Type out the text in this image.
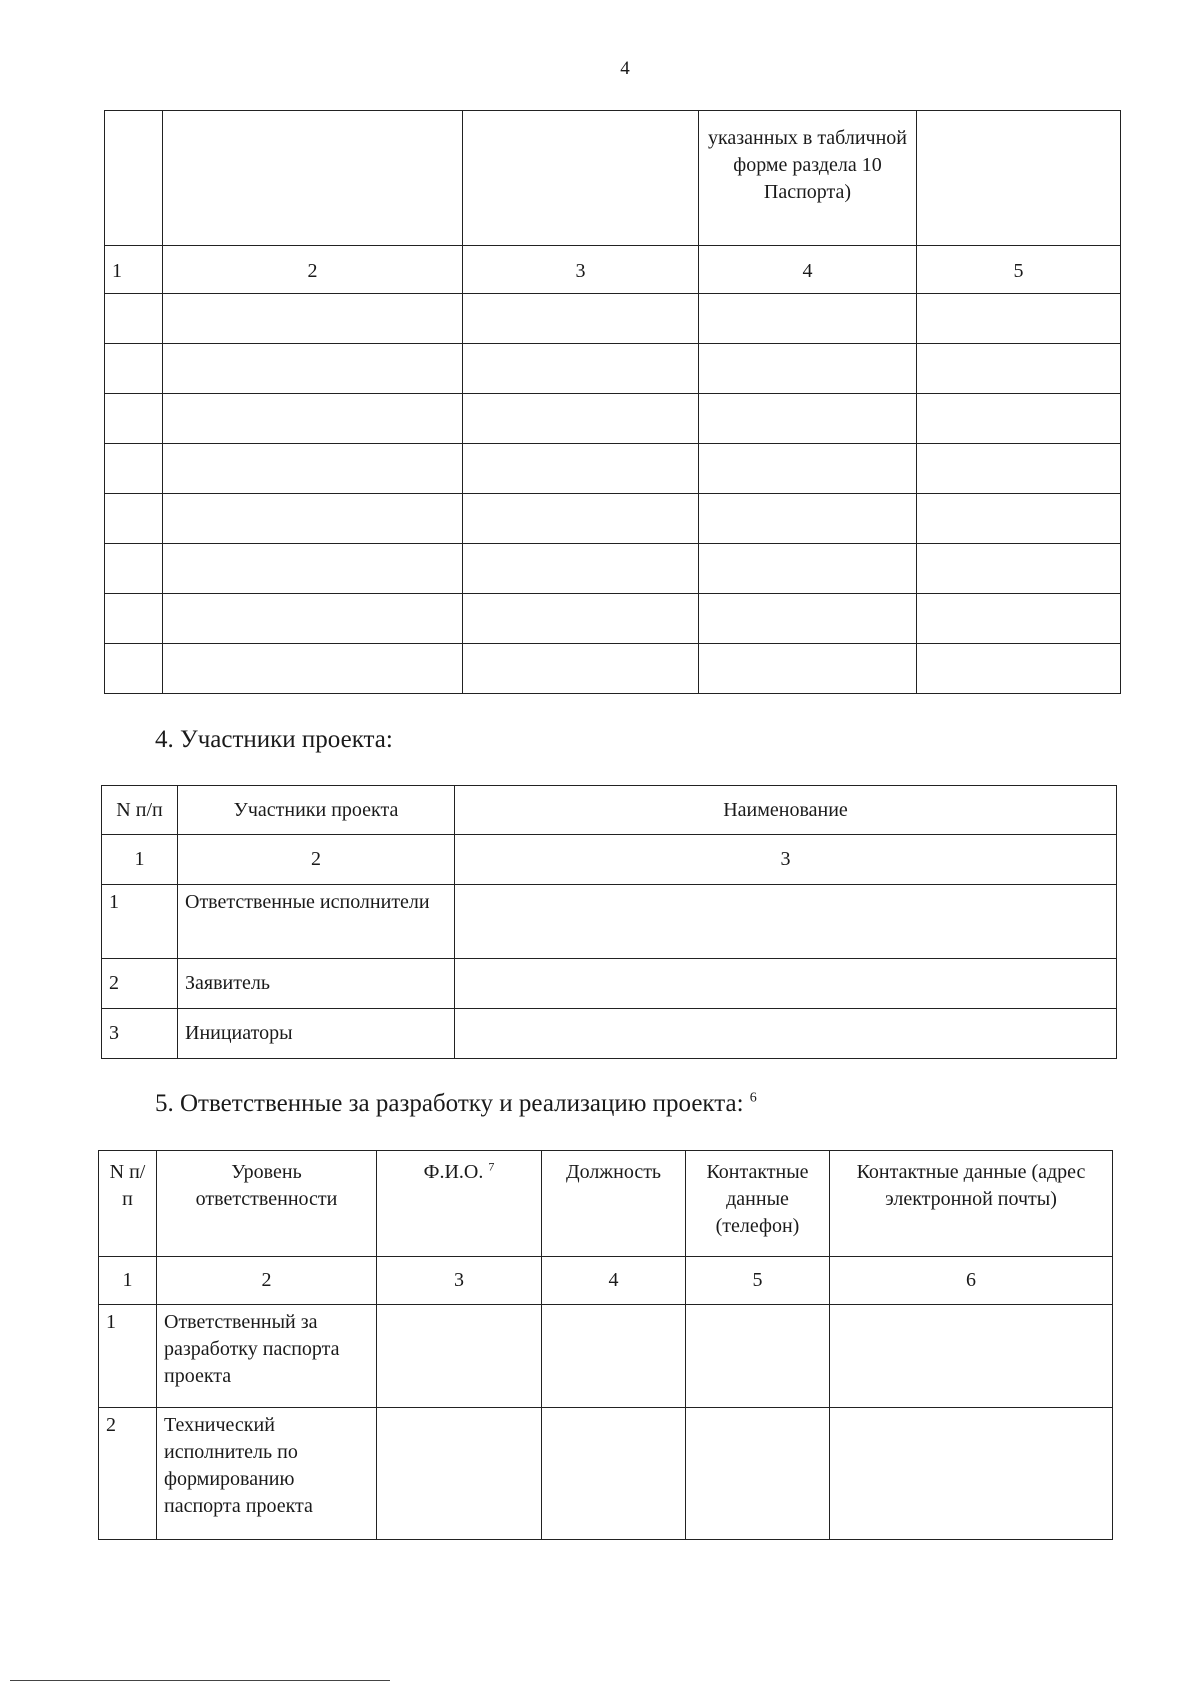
4
			указанных в табличной форме раздела 10 Паспорта)	
1	2	3	4	5

4. Участники проекта:
N п/п	Участники проекта	Наименование
1	2	3
1	Ответственные исполнители	
2	Заявитель	
3	Инициаторы	
5. Ответственные за разработку и реализацию проекта: $^6$
N п/п	Уровень ответственности	Ф.И.О. $^7$	Должность	Контактные данные (телефон)	Контактные данные (адрес электронной почты)
1	2	3	4	5	6
1	Ответственный за разработку паспорта проекта				
2	Технический исполнитель по формированию паспорта проекта				
